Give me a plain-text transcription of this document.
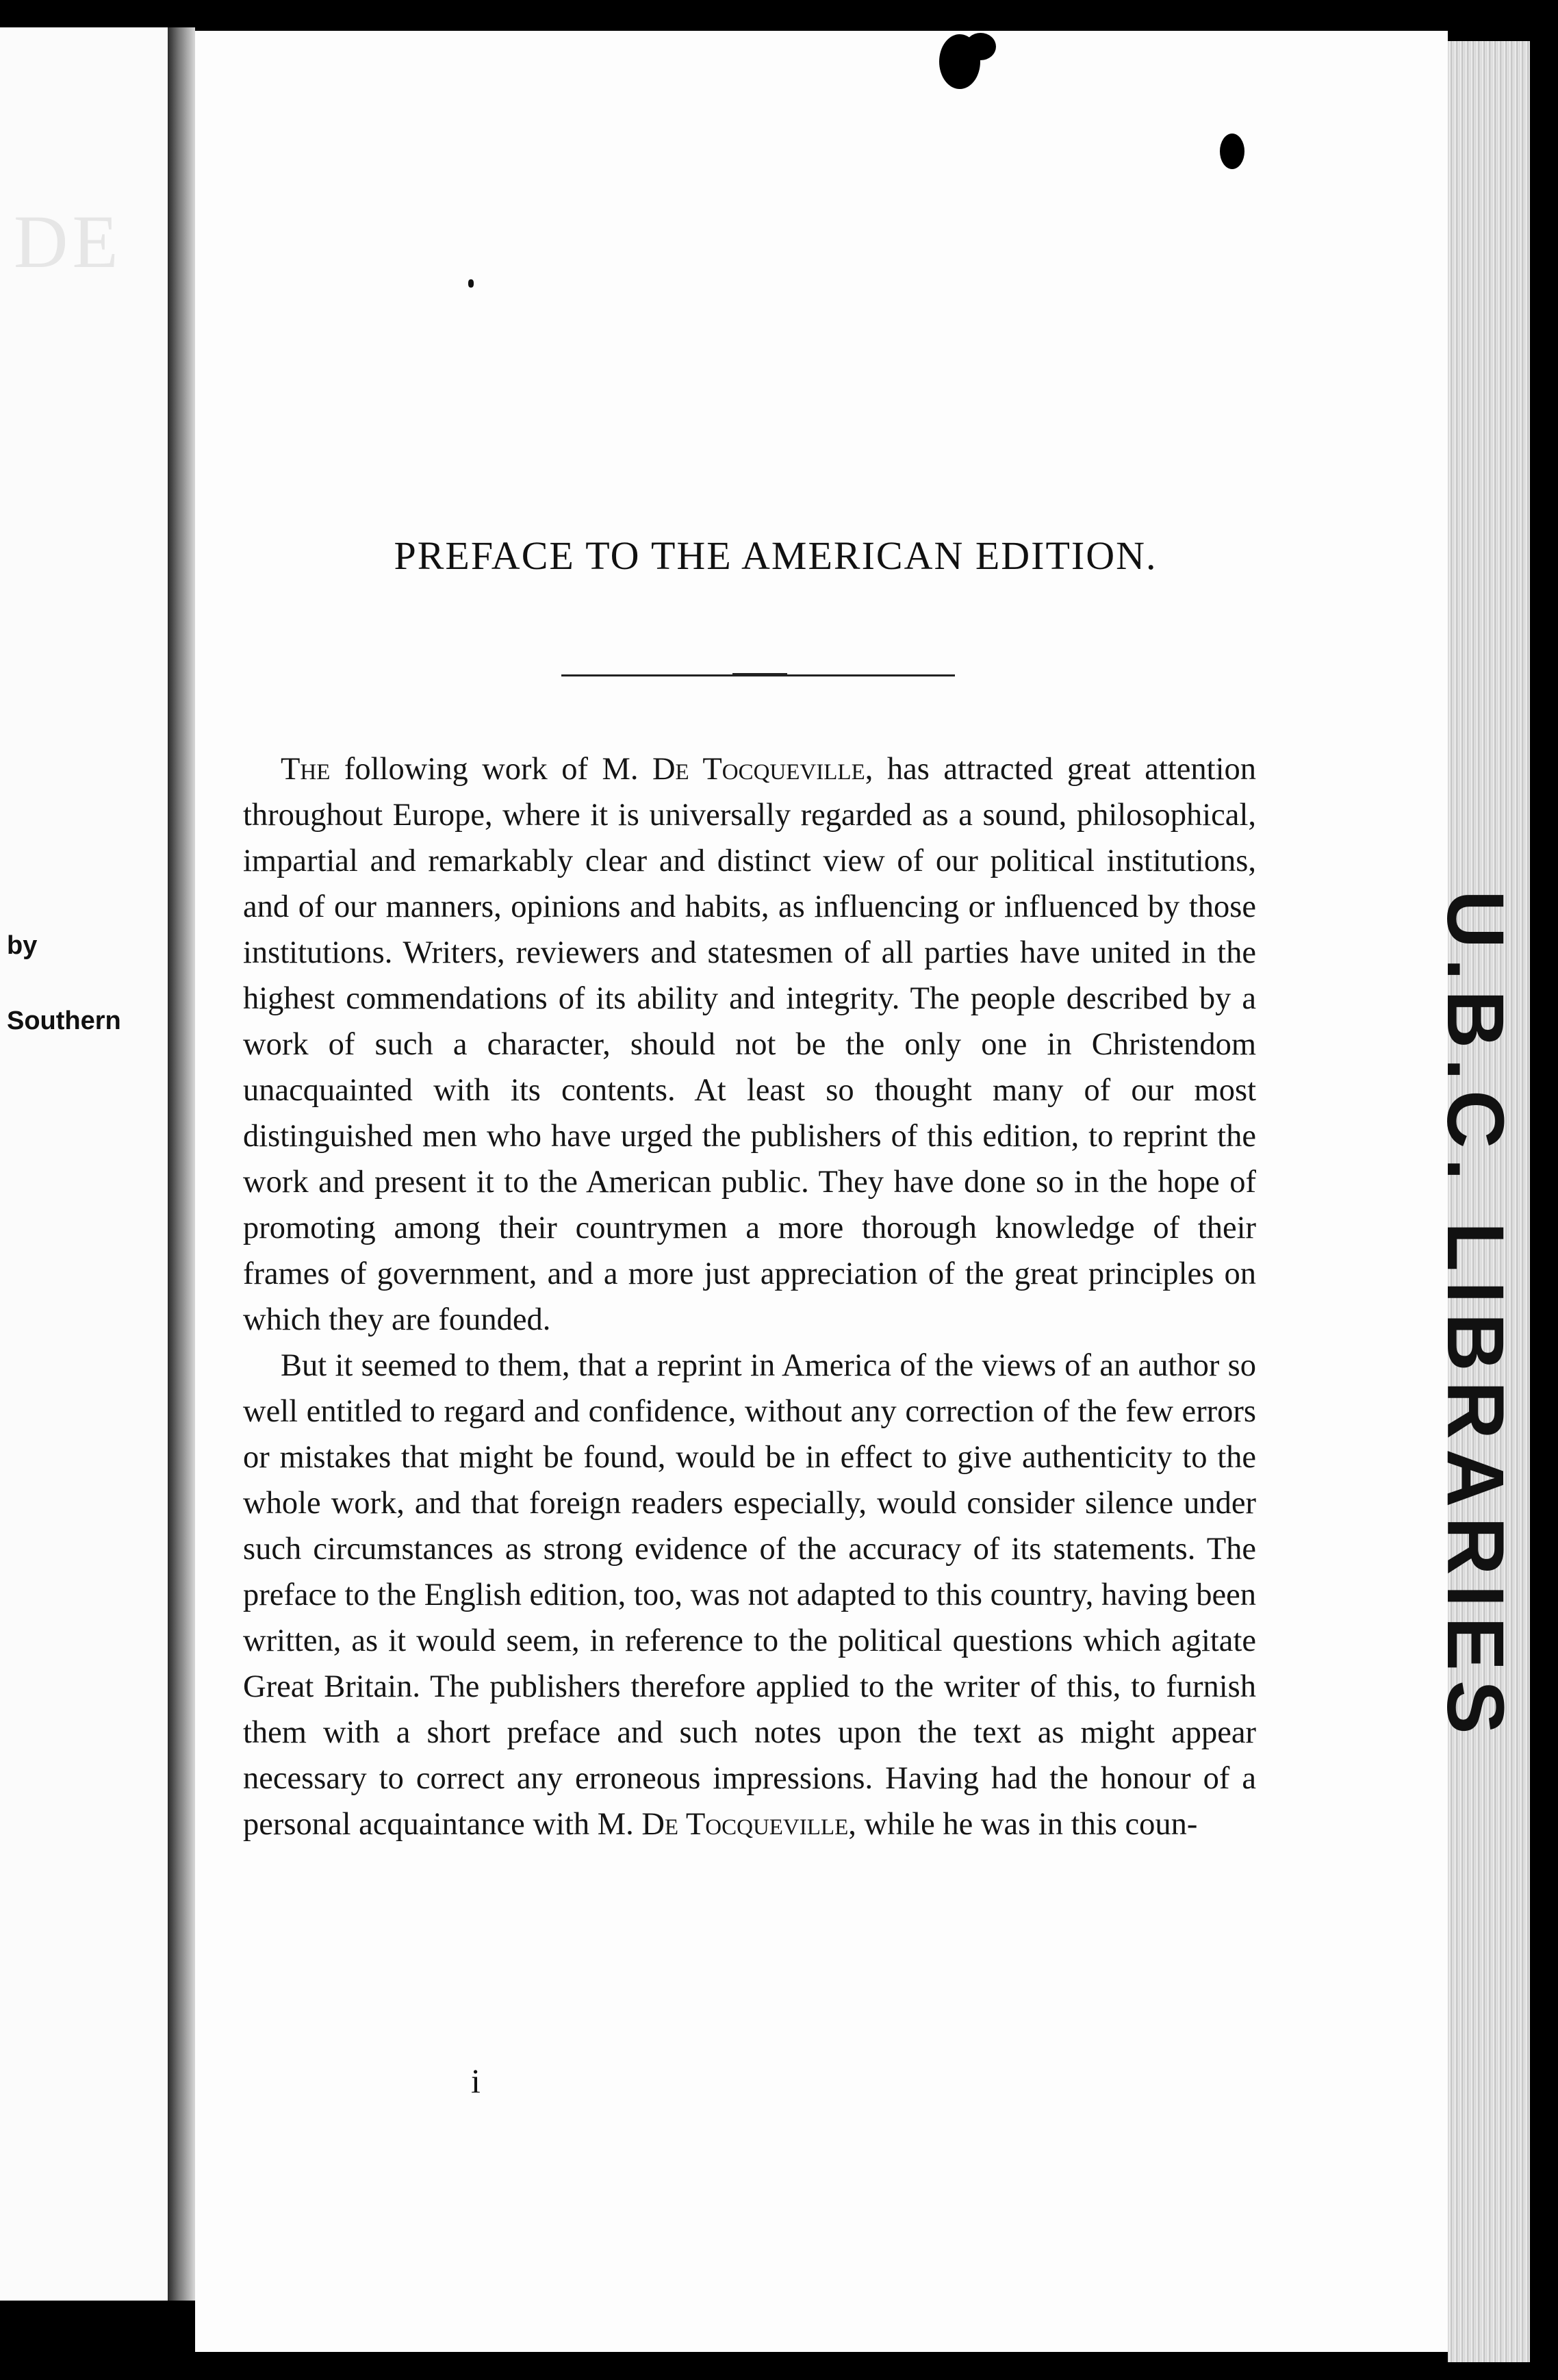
DE
by
Southern	U.B.C. LIBRARIES
PREFACE TO THE AMERICAN EDITION.

The following work of M. De Tocqueville, has attracted great attention throughout Europe, where it is universally regarded as a sound, philosophical, impartial and remarkably clear and distinct view of our political institutions, and of our manners, opinions and habits, as influencing or influenced by those institutions. Writers, reviewers and statesmen of all parties have united in the highest commendations of its ability and integrity. The people described by a work of such a character, should not be the only one in Christendom unacquainted with its contents. At least so thought many of our most distinguished men who have urged the publishers of this edition, to reprint the work and present it to the American public. They have done so in the hope of promoting among their countrymen a more thorough knowledge of their frames of government, and a more just appreciation of the great principles on which they are founded.

But it seemed to them, that a reprint in America of the views of an author so well entitled to regard and confidence, without any correction of the few errors or mistakes that might be found, would be in effect to give authenticity to the whole work, and that foreign readers especially, would consider silence under such circumstances as strong evidence of the accuracy of its statements. The preface to the English edition, too, was not adapted to this country, having been written, as it would seem, in reference to the political questions which agitate Great Britain. The publishers therefore applied to the writer of this, to furnish them with a short preface and such notes upon the text as might appear necessary to correct any erroneous impressions. Having had the honour of a personal acquaintance with M. De Tocqueville, while he was in this coun-

i
